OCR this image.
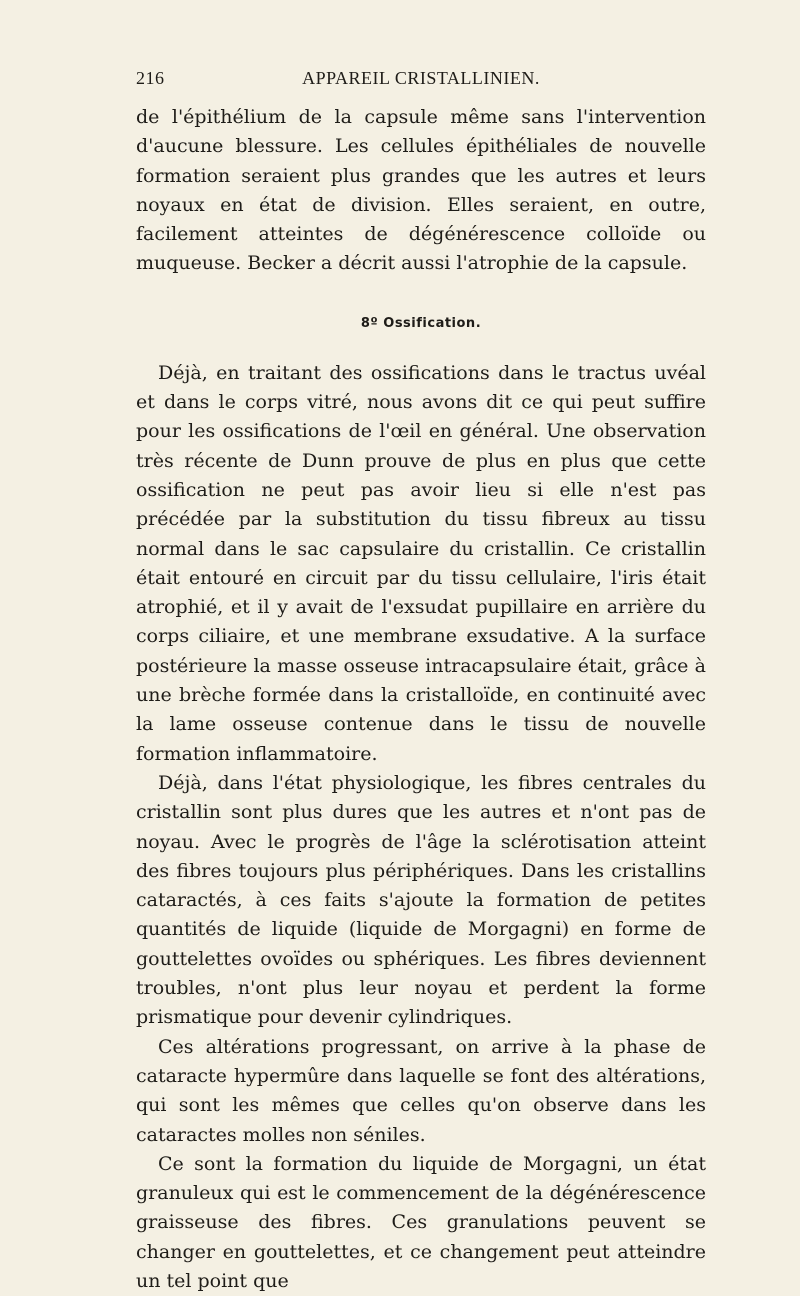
216	APPAREIL CRISTALLINIEN.

de l'épithélium de la capsule même sans l'intervention d'aucune blessure. Les cellules épithéliales de nouvelle formation seraient plus grandes que les autres et leurs noyaux en état de division. Elles seraient, en outre, facilement atteintes de dégénérescence colloïde ou muqueuse. Becker a décrit aussi l'atrophie de la capsule.

8º Ossification.

Déjà, en traitant des ossifications dans le tractus uvéal et dans le corps vitré, nous avons dit ce qui peut suffire pour les ossifications de l'œil en général. Une observation très récente de Dunn prouve de plus en plus que cette ossification ne peut pas avoir lieu si elle n'est pas précédée par la substitution du tissu fibreux au tissu normal dans le sac capsulaire du cristallin. Ce cristallin était entouré en circuit par du tissu cellulaire, l'iris était atrophié, et il y avait de l'exsudat pupillaire en arrière du corps ciliaire, et une membrane exsudative. A la surface postérieure la masse osseuse intracapsulaire était, grâce à une brèche formée dans la cristalloïde, en continuité avec la lame osseuse contenue dans le tissu de nouvelle formation inflammatoire.

Déjà, dans l'état physiologique, les fibres centrales du cristallin sont plus dures que les autres et n'ont pas de noyau. Avec le progrès de l'âge la sclérotisation atteint des fibres toujours plus périphériques. Dans les cristallins cataractés, à ces faits s'ajoute la formation de petites quantités de liquide (liquide de Morgagni) en forme de gouttelettes ovoïdes ou sphériques. Les fibres deviennent troubles, n'ont plus leur noyau et perdent la forme prismatique pour devenir cylindriques.

Ces altérations progressant, on arrive à la phase de cataracte hypermûre dans laquelle se font des altérations, qui sont les mêmes que celles qu'on observe dans les cataractes molles non séniles.

Ce sont la formation du liquide de Morgagni, un état granuleux qui est le commencement de la dégénérescence graisseuse des fibres. Ces granulations peuvent se changer en gouttelettes, et ce changement peut atteindre un tel point que
